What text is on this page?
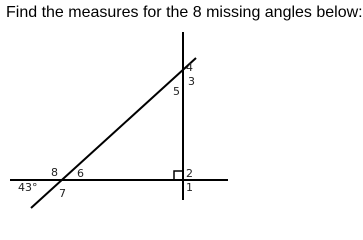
Find the measures for the 8 missing angles below:
43°	1
2
3
4
5
6
7
8
